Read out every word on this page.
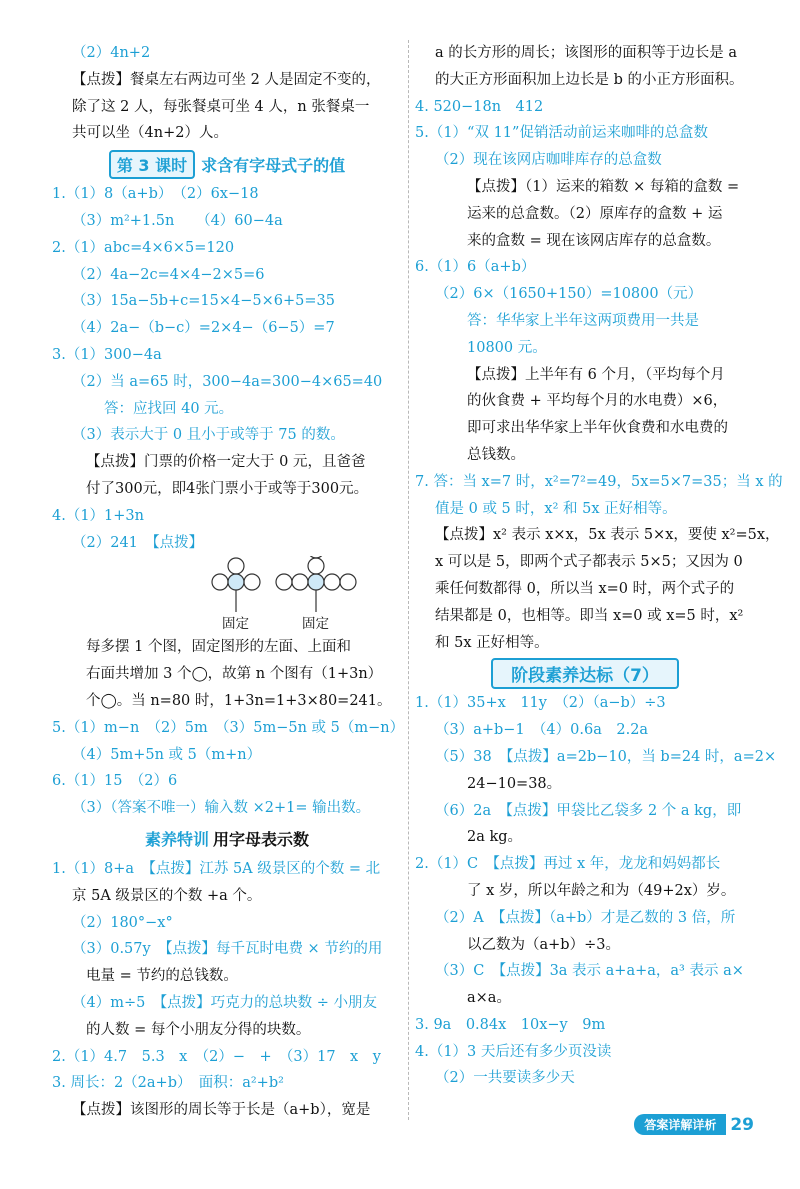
（2）4n+2
【点拨】餐桌左右两边可坐 2 人是固定不变的，
除了这 2 人，每张餐桌可坐 4 人，n 张餐桌一
共可以坐（4n+2）人。
第 3 课时 求含有字母式子的值
1.（1）8（a+b）　（2）6x−18
（3）m²+1.5n　　（4）60−4a
2.（1）abc=4×6×5=120
（2）4a−2c=4×4−2×5=6
（3）15a−5b+c=15×4−5×6+5=35
（4）2a−（b−c）=2×4−（6−5）=7
3.（1）300−4a
（2）当 a=65 时，300−4a=300−4×65=40
答：应找回 40 元。
（3）表示大于 0 且小于或等于 75 的数。
【点拨】门票的价格一定大于 0 元，且爸爸
付了300元，即4张门票小于或等于300元。
4.（1）1+3n
（2）241　【点拨】
固定	固定
每多摆 1 个图，固定图形的左面、上面和
右面共增加 3 个◯，故第 n 个图有（1+3n）
个◯。当 n=80 时，1+3n=1+3×80=241。
5.（1）m−n　（2）5m　（3）5m−5n 或 5（m−n）
（4）5m+5n 或 5（m+n）
6.（1）15　（2）6
（3）（答案不唯一）输入数 ×2+1= 输出数。
素养特训 用字母表示数
1.（1）8+a　【点拨】江苏 5A 级景区的个数 = 北
京 5A 级景区的个数 +a 个。
（2）180°−x°
（3）0.57y　【点拨】每千瓦时电费 × 节约的用
电量 = 节约的总钱数。
（4）m÷5　【点拨】巧克力的总块数 ÷ 小朋友
的人数 = 每个小朋友分得的块数。
2.（1）4.7　5.3　x　（2）−　+　（3）17　x　y
3. 周长：2（2a+b）　面积：a²+b²
【点拨】该图形的周长等于长是（a+b），宽是
a 的长方形的周长；该图形的面积等于边长是 a
的大正方形面积加上边长是 b 的小正方形面积。
4. 520−18n　412
5.（1）“双 11”促销活动前运来咖啡的总盒数
（2）现在该网店咖啡库存的总盒数
【点拨】（1）运来的箱数 × 每箱的盒数 =
运来的总盒数。（2）原库存的盒数 + 运
来的盒数 = 现在该网店库存的总盒数。
6.（1）6（a+b）
（2）6×（1650+150）=10800（元）
答：华华家上半年这两项费用一共是
10800 元。
【点拨】上半年有 6 个月，（平均每个月
的伙食费 + 平均每个月的水电费）×6，
即可求出华华家上半年伙食费和水电费的
总钱数。
7. 答：当 x=7 时，x²=7²=49，5x=5×7=35；当 x 的
值是 0 或 5 时，x² 和 5x 正好相等。
【点拨】x² 表示 x×x，5x 表示 5×x，要使 x²=5x，
x 可以是 5，即两个式子都表示 5×5；又因为 0
乘任何数都得 0，所以当 x=0 时，两个式子的
结果都是 0，也相等。即当 x=0 或 x=5 时，x²
和 5x 正好相等。
阶段素养达标（7）
1.（1）35+x　11y　（2）（a−b）÷3
（3）a+b−1　（4）0.6a　2.2a
（5）38　【点拨】a=2b−10，当 b=24 时，a=2×
24−10=38。
（6）2a　【点拨】甲袋比乙袋多 2 个 a kg，即
2a kg。
2.（1）C　【点拨】再过 x 年，龙龙和妈妈都长
了 x 岁，所以年龄之和为（49+2x）岁。
（2）A　【点拨】（a+b）才是乙数的 3 倍，所
以乙数为（a+b）÷3。
（3）C　【点拨】3a 表示 a+a+a，a³ 表示 a×
a×a。
3. 9a　0.84x　10x−y　9m
4.（1）3 天后还有多少页没读
（2）一共要读多少天
答案详解详析 29
